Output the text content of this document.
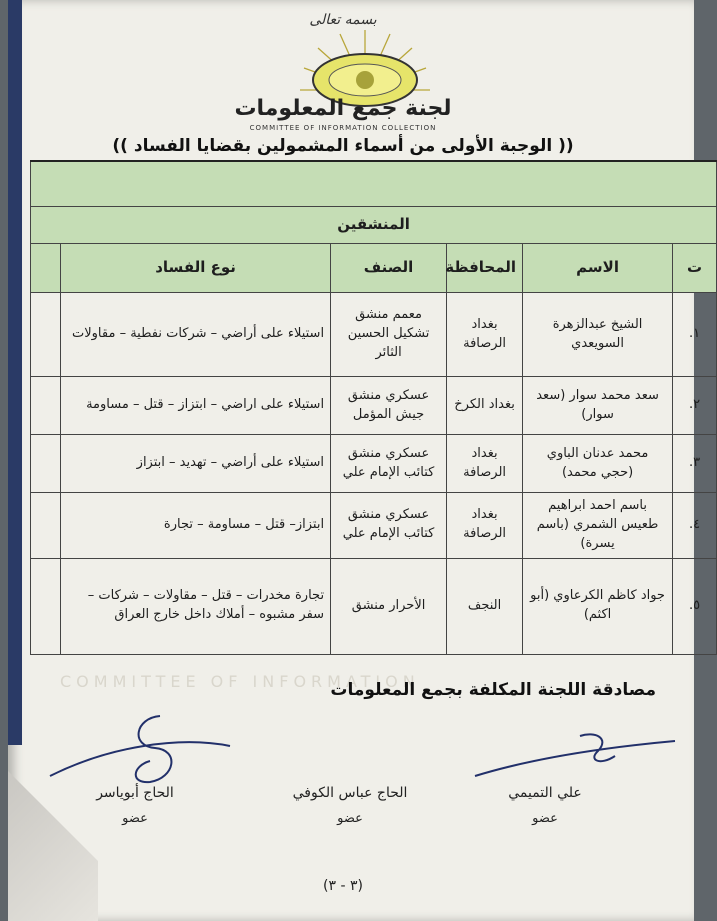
بسمه تعالى
لجنة جمع المعلومات
COMMITTEE OF INFORMATION COLLECTION
(( الوجبة الأولى من أسماء المشمولين بقضايا الفساد ))

المنشقين					
ت	الاسم	المحافظة	الصنف	نوع الفساد	
١.	الشيخ عبدالزهرة السويعدي	بغداد الرصافة	معمم منشق تشكيل الحسين الثائر	استيلاء على أراضي – شركات نفطية – مقاولات	
٢.	سعد محمد سوار (سعد سوار)	بغداد الكرخ	عسكري منشق جيش المؤمل	استيلاء على اراضي – ابتزاز – قتل – مساومة	
٣.	محمد عدنان الباوي (حجي محمد)	بغداد الرصافة	عسكري منشق كتائب الإمام علي	استيلاء على أراضي – تهديد – ابتزاز	
٤.	باسم احمد ابراهيم طعيس الشمري (باسم يسرة)	بغداد الرصافة	عسكري منشق كتائب الإمام علي	ابتزاز– قتل – مساومة – تجارة	
٥.	جواد كاظم الكرعاوي (أبو اكثم)	النجف	الأحرار منشق	تجارة مخدرات – قتل – مقاولات – شركات – سفر مشبوه – أملاك داخل خارج العراق	
COMMITTEE OF INFORMATION
مصادقة اللجنة المكلفة بجمع المعلومات
علي التميمي
عضو
الحاج عباس الكوفي
عضو
الحاج أبوياسر
عضو
(٣ - ٣)
